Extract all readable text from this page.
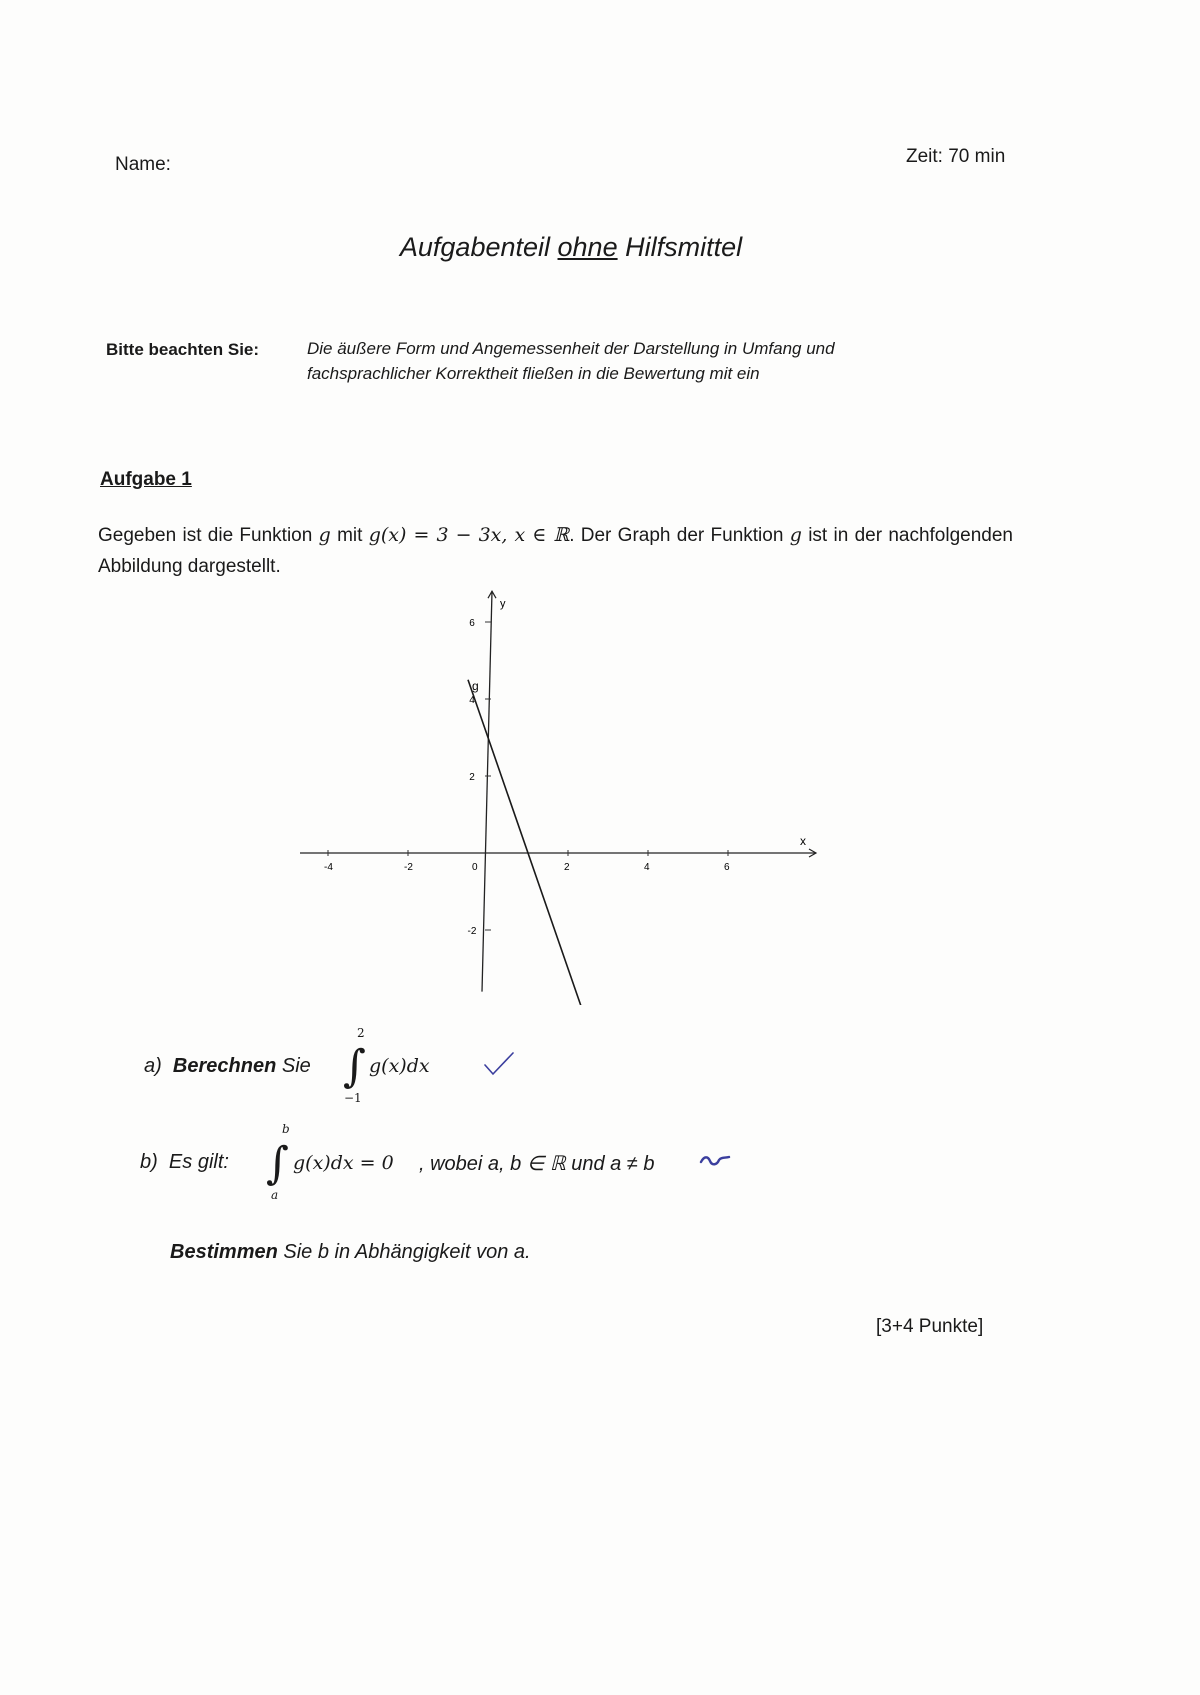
Name:	Zeit: 70 min
Aufgabenteil ohne Hilfsmittel
Bitte beachten Sie:	Die äußere Form und Angemessenheit der Darstellung in Umfang und
fachsprachlicher Korrektheit fließen in die Bewertung mit ein
Aufgabe 1
Gegeben ist die Funktion g mit g(x) = 3 − 3x, x ∈ ℝ. Der Graph der Funktion g ist in der nachfolgenden Abbildung dargestellt.
x
y
-4	-2	0	2	4	6
6
4
2
-2
g
a) Berechnen Sie
2
∫
−1
g(x)dx
b) Es gilt:
b
∫
a
g(x)dx = 0 , wobei a, b ∈ ℝ und a ≠ b
Bestimmen Sie b in Abhängigkeit von a.
[3+4 Punkte]
